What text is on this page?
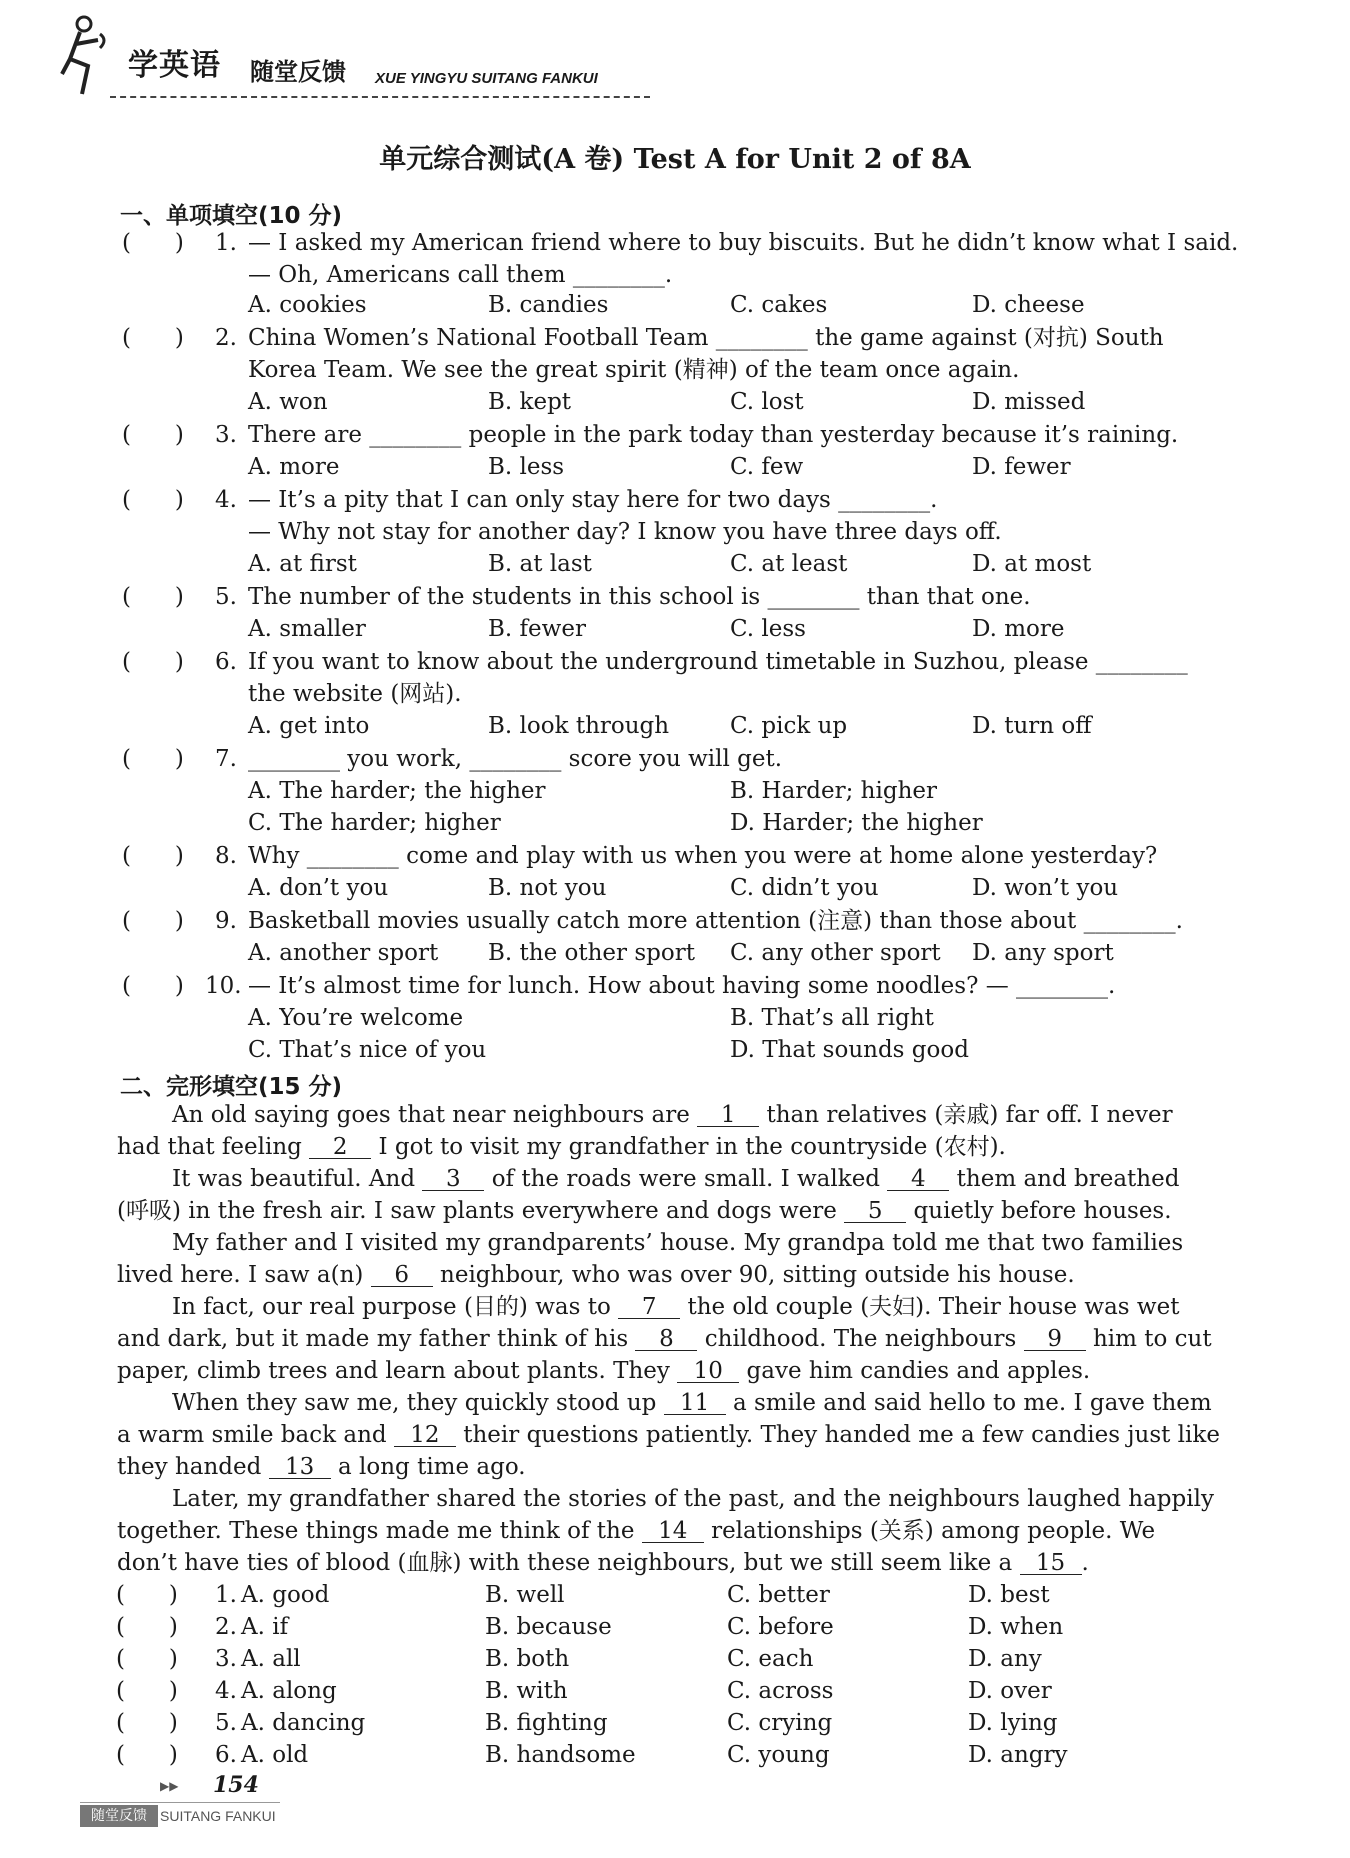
学英语 随堂反馈 XUE YINGYU SUITANG FANKUI
单元综合测试(A 卷) Test A for Unit 2 of 8A
一、单项填空(10 分)
(      ) 1. — I asked my American friend where to buy biscuits. But he didn’t know what I said.
— Oh, Americans call them ________.
A. cookies	B. candies	C. cakes	D. cheese
(      ) 2. China Women’s National Football Team ________ the game against (对抗) South
Korea Team. We see the great spirit (精神) of the team once again.
A. won	B. kept	C. lost	D. missed
(      ) 3. There are ________ people in the park today than yesterday because it’s raining.
A. more	B. less	C. few	D. fewer
(      ) 4. — It’s a pity that I can only stay here for two days ________.
— Why not stay for another day? I know you have three days off.
A. at first	B. at last	C. at least	D. at most
(      ) 5. The number of the students in this school is ________ than that one.
A. smaller	B. fewer	C. less	D. more
(      ) 6. If you want to know about the underground timetable in Suzhou, please ________
the website (网站).
A. get into	B. look through	C. pick up	D. turn off
(      ) 7. ________ you work, ________ score you will get.
A. The harder; the higher	B. Harder; higher
C. The harder; higher	D. Harder; the higher
(      ) 8. Why ________ come and play with us when you were at home alone yesterday?
A. don’t you	B. not you	C. didn’t you	D. won’t you
(      ) 9. Basketball movies usually catch more attention (注意) than those about ________.
A. another sport B. the other sport C. any other sport D. any sport
(      ) 10. — It’s almost time for lunch. How about having some noodles? — ________.
A. You’re welcome	B. That’s all right
C. That’s nice of you	D. That sounds good
二、完形填空(15 分)
An old saying goes that near neighbours are 1 than relatives (亲戚) far off. I never
had that feeling 2 I got to visit my grandfather in the countryside (农村).
It was beautiful. And 3 of the roads were small. I walked 4 them and breathed
(呼吸) in the fresh air. I saw plants everywhere and dogs were 5 quietly before houses.
My father and I visited my grandparents’ house. My grandpa told me that two families
lived here. I saw a(n) 6 neighbour, who was over 90, sitting outside his house.
In fact, our real purpose (目的) was to 7 the old couple (夫妇). Their house was wet
and dark, but it made my father think of his 8 childhood. The neighbours 9 him to cut
paper, climb trees and learn about plants. They 10 gave him candies and apples.
When they saw me, they quickly stood up 11 a smile and said hello to me. I gave them
a warm smile back and 12 their questions patiently. They handed me a few candies just like
they handed 13 a long time ago.
Later, my grandfather shared the stories of the past, and the neighbours laughed happily
together. These things made me think of the 14 relationships (关系) among people. We
don’t have ties of blood (血脉) with these neighbours, but we still seem like a 15 .
(      ) 1. A. good	B. well	C. better	D. best
(      ) 2. A. if	B. because	C. before	D. when
(      ) 3. A. all	B. both	C. each	D. any
(      ) 4. A. along	B. with	C. across	D. over
(      ) 5. A. dancing	B. fighting	C. crying	D. lying
(      ) 6. A. old	B. handsome	C. young	D. angry
▶▶ 154
随堂反馈 SUITANG FANKUI
